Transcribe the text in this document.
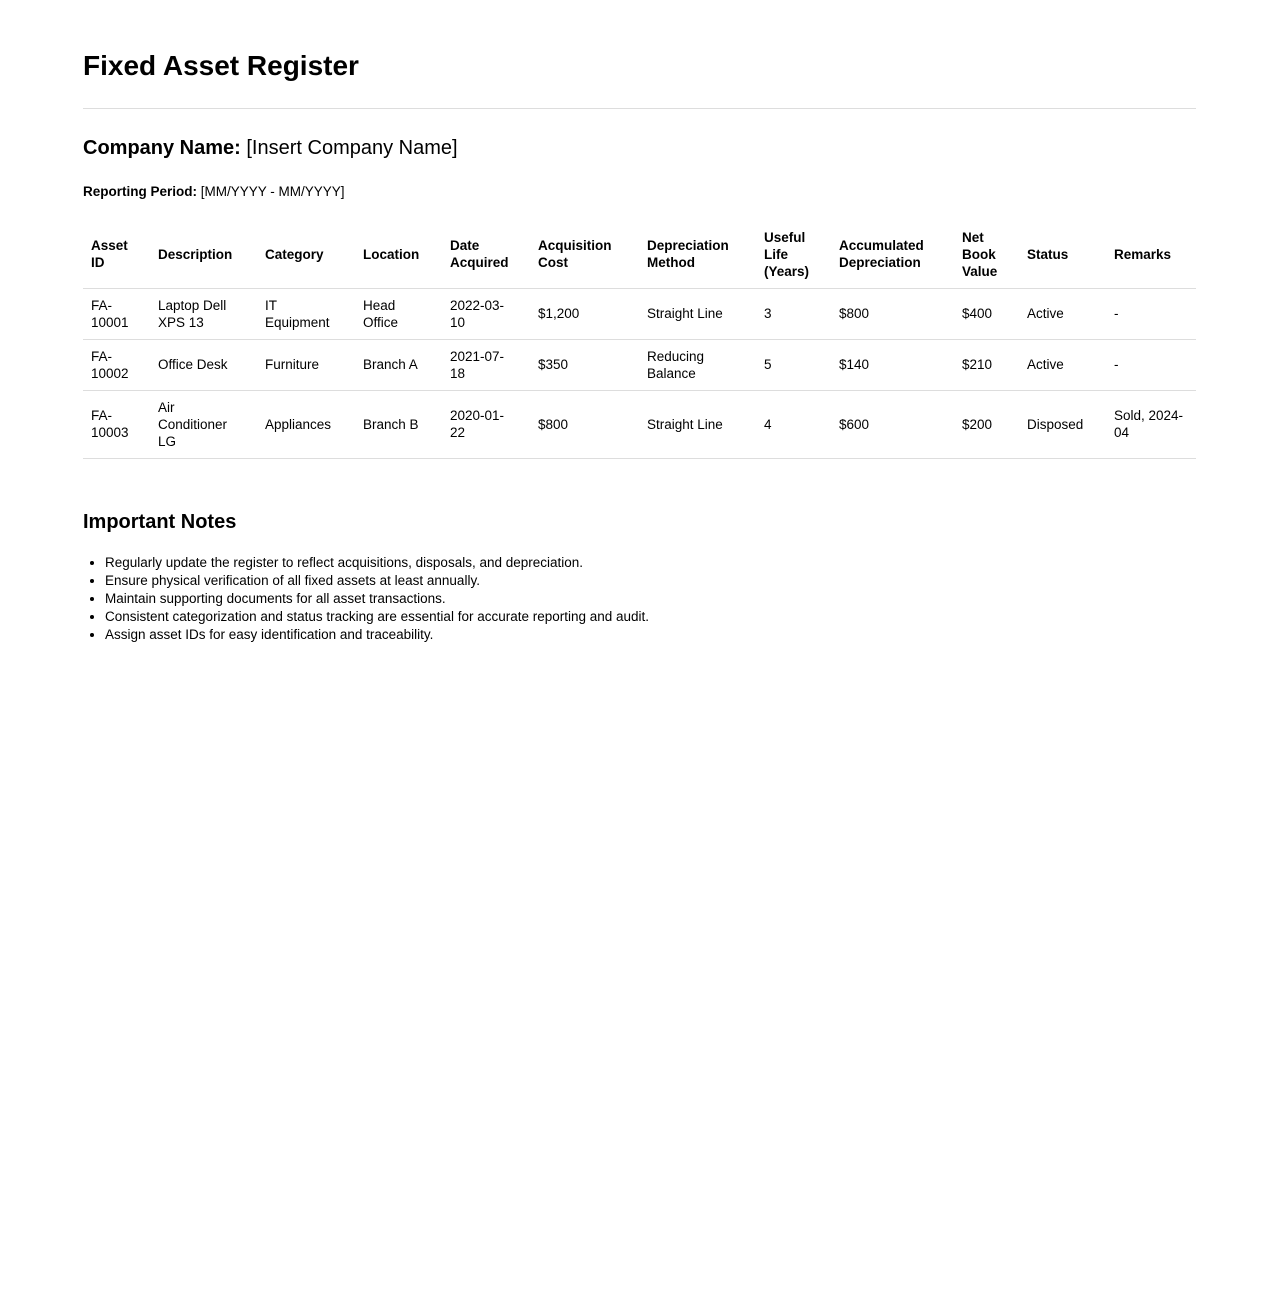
Fixed Asset Register
Company Name: [Insert Company Name]

Reporting Period: [MM/YYYY - MM/YYYY]

Asset ID	Description	Category	Location	Date Acquired	Acquisition Cost	Depreciation Method	Useful Life (Years)	Accumulated Depreciation	Net Book Value	Status	Remarks
FA-10001	Laptop Dell XPS 13	IT Equipment	Head Office	2022-03-10	$1,200	Straight Line	3	$800	$400	Active	-
FA-10002	Office Desk	Furniture	Branch A	2021-07-18	$350	Reducing Balance	5	$140	$210	Active	-
FA-10003	Air Conditioner LG	Appliances	Branch B	2020-01-22	$800	Straight Line	4	$600	$200	Disposed	Sold, 2024-04
Important Notes
• Regularly update the register to reflect acquisitions, disposals, and depreciation.
• Ensure physical verification of all fixed assets at least annually.
• Maintain supporting documents for all asset transactions.
• Consistent categorization and status tracking are essential for accurate reporting and audit.
• Assign asset IDs for easy identification and traceability.
